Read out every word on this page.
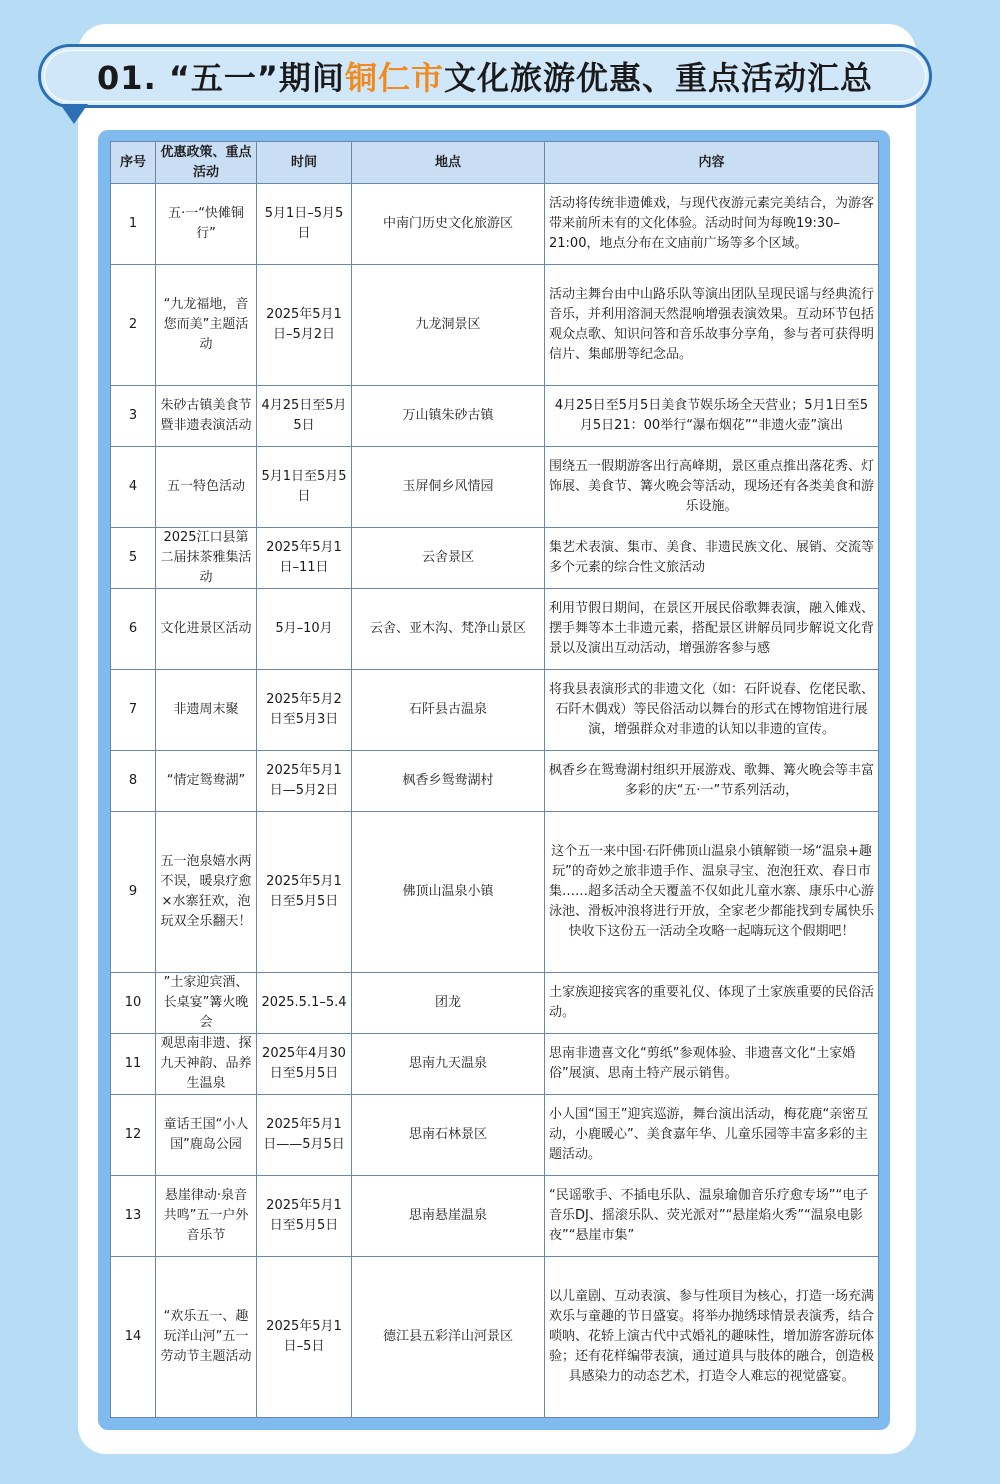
01. “五一”期间 铜仁市 文化旅游优惠、重点活动汇总
序号	优惠政策、重点活动	时间	地点	内容
1	五·一“快傩铜行”	5月1日–5月5日	中南门历史文化旅游区	活动将传统非遗傩戏，与现代夜游元素完美结合，为游客带来前所未有的文化体验。活动时间为每晚19:30–21:00，地点分布在文庙前广场等多个区域。
2	“九龙福地，音您而美”主题活动	2025年5月1日–5月2日	九龙洞景区	活动主舞台由中山路乐队等演出团队呈现民谣与经典流行音乐，并利用溶洞天然混响增强表演效果。互动环节包括观众点歌、知识问答和音乐故事分享角，参与者可获得明信片、集邮册等纪念品。
3	朱砂古镇美食节暨非遗表演活动	4月25日至5月5日	万山镇朱砂古镇	4月25日至5月5日美食节娱乐场全天营业；5月1日至5月5日21：00举行“瀑布烟花”“非遗火壶”演出
4	五一特色活动	5月1日至5月5日	玉屏侗乡风情园	围绕五一假期游客出行高峰期，景区重点推出落花秀、灯饰展、美食节、篝火晚会等活动，现场还有各类美食和游乐设施。
5	2025江口县第二届抹茶雅集活动	2025年5月1日–11日	云舍景区	集艺术表演、集市、美食、非遗民族文化、展销、交流等多个元素的综合性文旅活动
6	文化进景区活动	5月–10月	云舍、亚木沟、梵净山景区	利用节假日期间，在景区开展民俗歌舞表演，融入傩戏、摆手舞等本土非遗元素，搭配景区讲解员同步解说文化背景以及演出互动活动，增强游客参与感
7	非遗周末聚	2025年5月2日至5月3日	石阡县古温泉	将我县表演形式的非遗文化（如：石阡说春、仡佬民歌、石阡木偶戏）等民俗活动以舞台的形式在博物馆进行展演，增强群众对非遗的认知以非遗的宣传。
8	“情定鸳鸯湖”	2025年5月1日—5月2日	枫香乡鸳鸯湖村	枫香乡在鸳鸯湖村组织开展游戏、歌舞、篝火晚会等丰富多彩的庆“五·一”节系列活动，
9	五一泡泉嬉水两不误，暖泉疗愈×水寨狂欢，泡玩双全乐翻天！	2025年5月1日至5月5日	佛顶山温泉小镇	这个五一来中国·石阡佛顶山温泉小镇解锁一场“温泉+趣玩”的奇妙之旅非遗手作、温泉寻宝、泡泡狂欢、春日市集……超多活动全天覆盖不仅如此儿童水寨、康乐中心游泳池、滑板冲浪将进行开放，全家老少都能找到专属快乐快收下这份五一活动全攻略一起嗨玩这个假期吧！
10	”土家迎宾酒、长桌宴”篝火晚会	2025.5.1–5.4	团龙	土家族迎接宾客的重要礼仪、体现了土家族重要的民俗活动。
11	观思南非遗、探九天神韵、品养生温泉	2025年4月30日至5月5日	思南九天温泉	思南非遗喜文化“剪纸”参观体验、非遗喜文化“土家婚俗”展演、思南土特产展示销售。
12	童话王国“小人国”鹿岛公园	2025年5月1日——5月5日	思南石林景区	小人国“国王”迎宾巡游，舞台演出活动，梅花鹿“亲密互动，小鹿暖心”、美食嘉年华、儿童乐园等丰富多彩的主题活动。
13	悬崖律动·泉音共鸣”五一户外音乐节	2025年5月1日至5月5日	思南悬崖温泉	“民谣歌手、不插电乐队、温泉瑜伽音乐疗愈专场”“电子音乐DJ、摇滚乐队、荧光派对”“悬崖焰火秀”“温泉电影夜”“悬崖市集”
14	“欢乐五一、趣玩洋山河”五一劳动节主题活动	2025年5月1日–5日	德江县五彩洋山河景区	以儿童剧、互动表演、参与性项目为核心，打造一场充满欢乐与童趣的节日盛宴。将举办抛绣球情景表演秀，结合唢呐、花轿上演古代中式婚礼的趣味性，增加游客游玩体验；还有花样编带表演，通过道具与肢体的融合，创造极具感染力的动态艺术，打造令人难忘的视觉盛宴。
